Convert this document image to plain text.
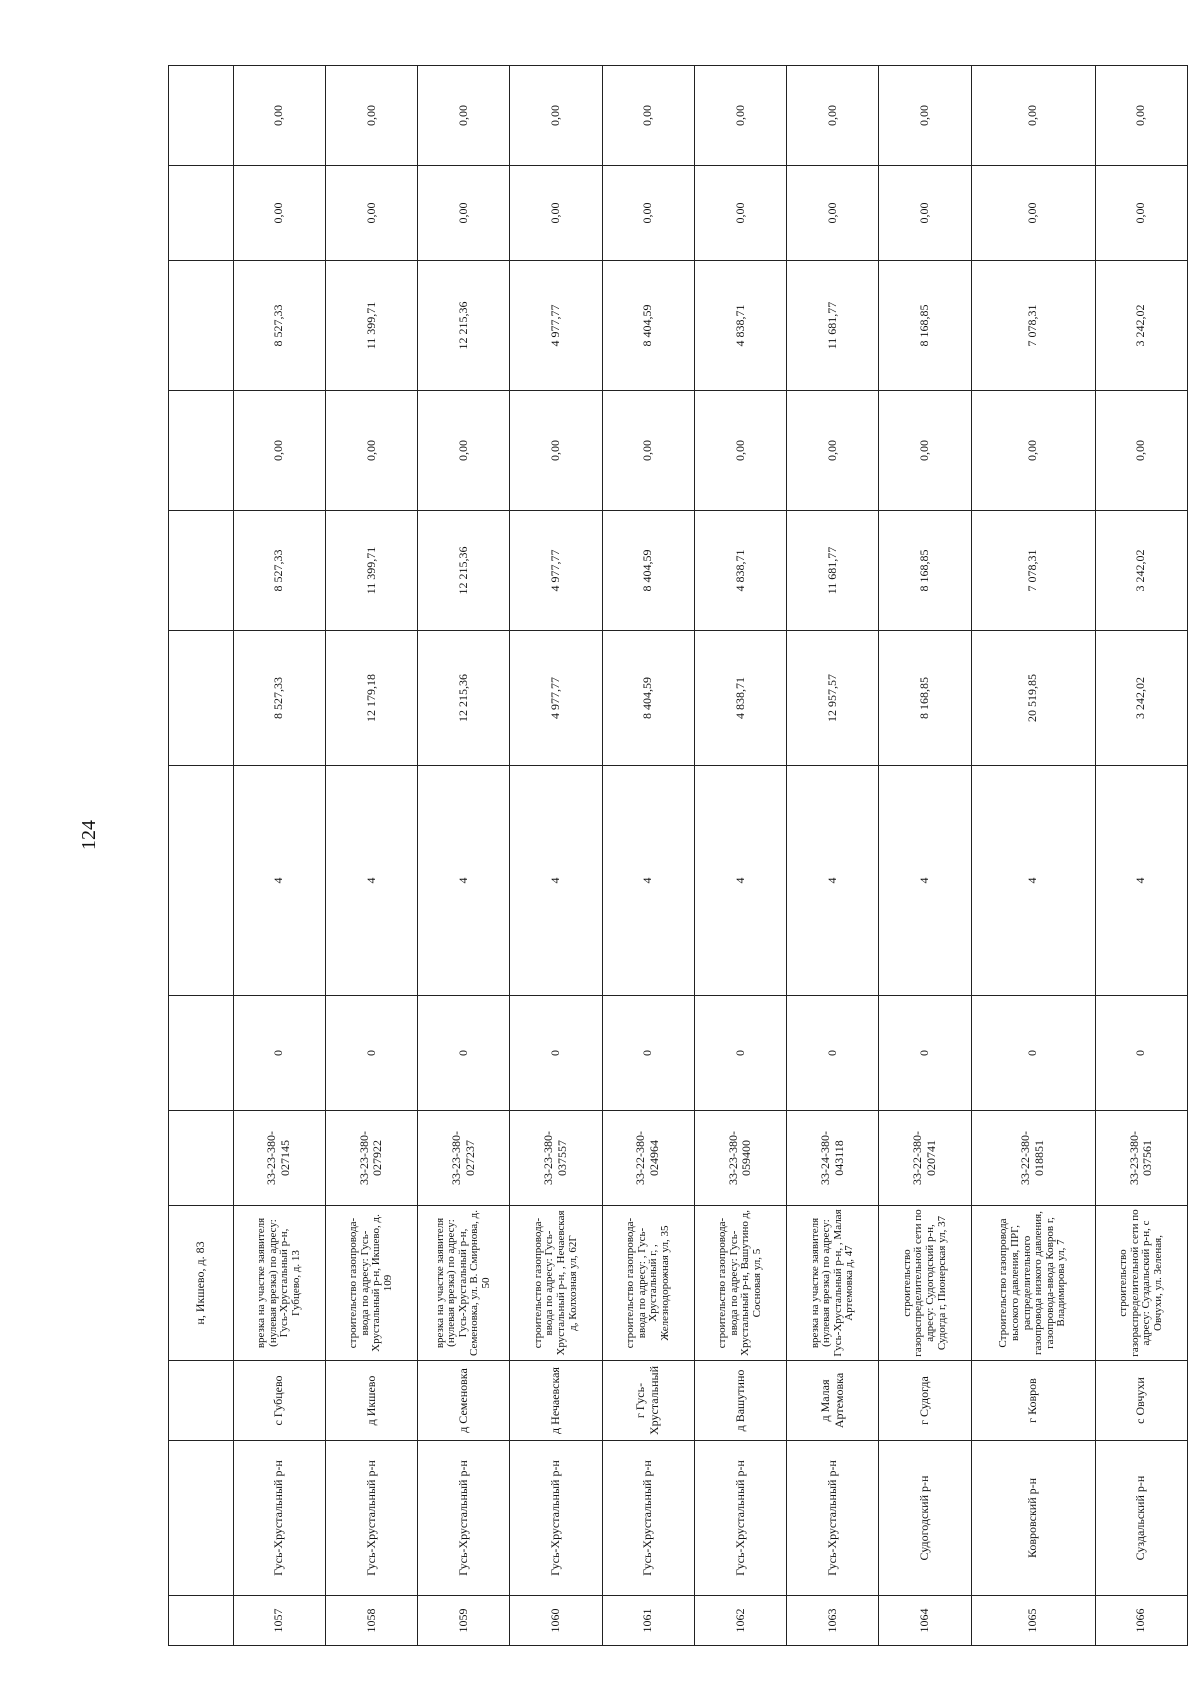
124
			н, Икшево, д. 83									
1057	Гусь-Хрустальный р-н	с Губцево	врезка на участке заявителя (нулевая врезка) по адресу: Гусь-Хрустальный р-н, Губцево, д. 13	33-23-380-027145	0	4	8 527,33	8 527,33	0,00	8 527,33	0,00	0,00
1058	Гусь-Хрустальный р-н	д Икшево	строительство газопровода-ввода по адресу: Гусь-Хрустальный р-н, Икшево, д. 109	33-23-380-027922	0	4	12 179,18	11 399,71	0,00	11 399,71	0,00	0,00
1059	Гусь-Хрустальный р-н	д Семеновка	врезка на участке заявителя (нулевая врезка) по адресу: Гусь-Хрустальный р-н, Семеновка, ул. В. Смирнова, д. 50	33-23-380-027237	0	4	12 215,36	12 215,36	0,00	12 215,36	0,00	0,00
1060	Гусь-Хрустальный р-н	д Нечаевская	строительство газопровода-ввода по адресу: Гусь-Хрустальный р-н, , Нечаевская д, Колхозная ул, 62Г	33-23-380-037557	0	4	4 977,77	4 977,77	0,00	4 977,77	0,00	0,00
1061	Гусь-Хрустальный р-н	г Гусь-Хрустальный	строительство газопровода-ввода по адресу: , Гусь-Хрустальный г, , Железнодорожная ул, 35	33-22-380-024964	0	4	8 404,59	8 404,59	0,00	8 404,59	0,00	0,00
1062	Гусь-Хрустальный р-н	д Вашутино	строительство газопровода-ввода по адресу: Гусь-Хрустальный р-н, Вашутино д, Сосновая ул, 5	33-23-380-059400	0	4	4 838,71	4 838,71	0,00	4 838,71	0,00	0,00
1063	Гусь-Хрустальный р-н	д Малая Артемовка	врезка на участке заявителя (нулевая врезка) по адресу: Гусь-Хрустальный р-н, , Малая Артемовка д, 47	33-24-380-043118	0	4	12 957,57	11 681,77	0,00	11 681,77	0,00	0,00
1064	Судогодский р-н	г Судогда	строительство газораспределительной сети по адресу: Судогодский р-н, Судогда г, Пионерская ул, 37	33-22-380-020741	0	4	8 168,85	8 168,85	0,00	8 168,85	0,00	0,00
1065	Ковровский р-н	г Ковров	Строительство газопровода высокого давления, ПРГ, распределительного газопровода низкого давления, газопровода-ввода Ковров г, Владимирова ул, 7	33-22-380-018851	0	4	20 519,85	7 078,31	0,00	7 078,31	0,00	0,00
1066	Суздальский р-н	с Овчухи	строительство газораспределительной сети по адресу: Суздальский р-н, с Овчухи, ул. Зеленая,	33-23-380-037561	0	4	3 242,02	3 242,02	0,00	3 242,02	0,00	0,00
